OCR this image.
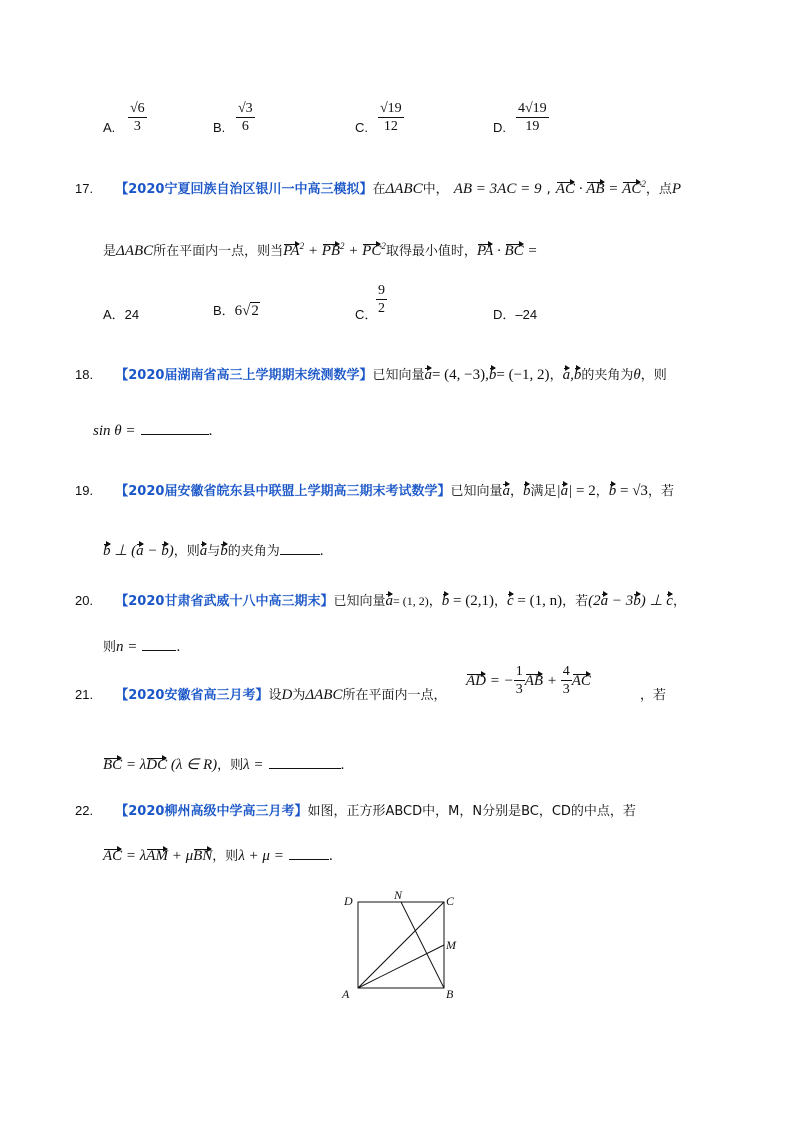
A. $\frac{√6}{3}$	B. $\frac{√3}{6}$	C. $\frac{√19}{12}$	D. $\frac{4√19}{19}$
17. 【2020宁夏回族自治区银川一中高三模拟】在ΔABC中， AB = 3AC = 9 , AC · AB = $AC^2$，点P
是ΔABC所在平面内一点，则当$PA^2 + PB^2 + PC^2$取得最小值时，PA · BC =
A．24	B．6√2	C．
$\frac{9}{2}$	D．–24
18. 【2020届湖南省高三上学期期末统测数学】已知向量a= (4, −3),b= (−1, 2)，a,b的夹角为θ，则
sin θ =	.
19. 【2020届安徽省皖东县中联盟上学期高三期末考试数学】已知向量a，b满足|a| = 2，b = √3，若
b ⊥ (a − b)，则a与b的夹角为	.
20. 【2020甘肃省武威十八中高三期末】已知向量a= (1, 2)，b = (2,1)，c = (1, n)，若(2a − 3b) ⊥ c，
则n =	.
21. 【2020安徽省高三月考】设D为ΔABC所在平面内一点，
AD = − $\frac{1}{3}$ AB + $\frac{4}{3}$ AC
，若
BC = λDC (λ ∈ R)，则λ =	.
22. 【2020柳州高级中学高三月考】如图，正方形ABCD中，M，N分别是BC，CD的中点，若
AC = λAM + μBN，则λ + μ =	.
D	N	C
M
A	B
